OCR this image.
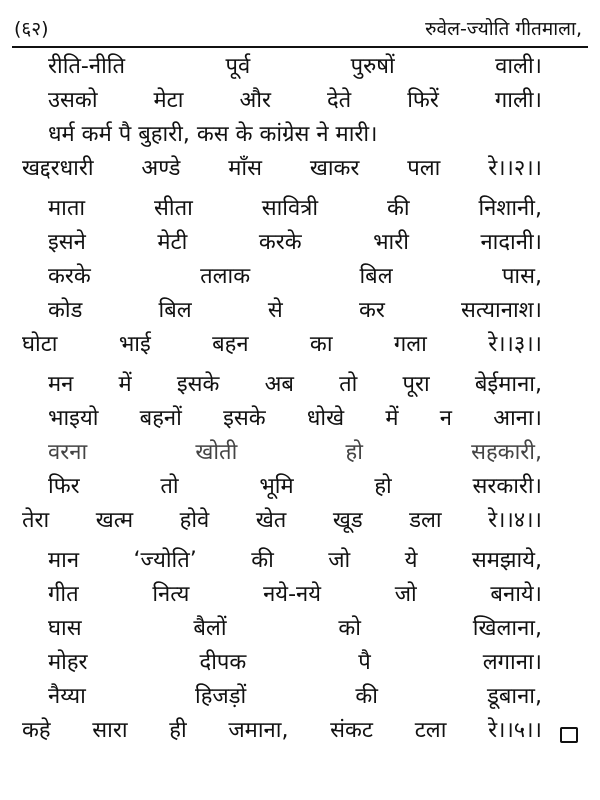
(६२)	रुवेल-ज्योति गीतमाला,
रीति-नीति	पूर्व	पुरुषों	वाली।
उसको	मेटा	और	देते	फिरें	गाली।
धर्म कर्म पै बुहारी, कस के कांग्रेस ने मारी।
खद्दरधारी अण्डे माँस खाकर पला रे।।२।।
माता	सीता	सावित्री	की	निशानी,
इसने	मेटी	करके	भारी	नादानी।
करके	तलाक	बिल	पास,
कोड	बिल	से	कर	सत्यानाश।
घोटा	भाई	बहन	का	गला	रे।।३।।
मन में इसके अब तो पूरा बेईमाना,
भाइयो बहनों इसके धोखे में न आना।
वरना	खोती	हो	सहकारी,
फिर	तो	भूमि	हो	सरकारी।
तेरा खत्म होवे खेत खूड डला रे।।४।।
मान ‘ज्योति’ की जो ये समझाये,
गीत	नित्य	नये-नये	जो	बनाये।
घास	बैलों	को	खिलाना,
मोहर	दीपक	पै	लगाना।
नैय्या	हिजड़ों	की	डूबाना,
कहे सारा ही जमाना, संकट टला रे।।५।।
